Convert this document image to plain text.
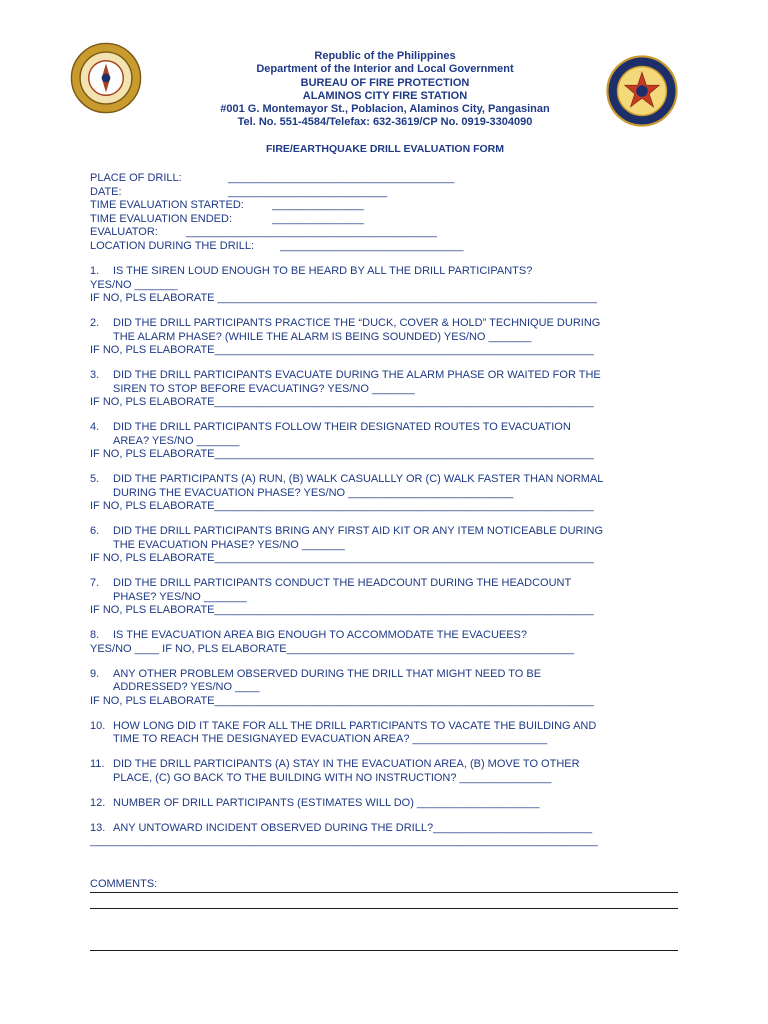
Republic of the Philippines
Department of the Interior and Local Government
BUREAU OF FIRE PROTECTION
ALAMINOS CITY FIRE STATION
#001 G. Montemayor St., Poblacion, Alaminos City, Pangasinan
Tel. No. 551-4584/Telefax: 632-3619/CP No. 0919-3304090
FIRE/EARTHQUAKE DRILL EVALUATION FORM
PLACE OF DRILL:	_____________________________________
DATE:	__________________________
TIME EVALUATION STARTED:	_______________
TIME EVALUATION ENDED:	_______________
EVALUATOR:	_________________________________________
LOCATION DURING THE DRILL: ______________________________
1. IS THE SIREN LOUD ENOUGH TO BE HEARD BY ALL THE DRILL PARTICIPANTS?
YES/NO _______
IF NO, PLS ELABORATE ______________________________________________________________
2. DID THE DRILL PARTICIPANTS PRACTICE THE “DUCK, COVER & HOLD” TECHNIQUE DURING
THE ALARM PHASE? (WHILE THE ALARM IS BEING SOUNDED) YES/NO _______
IF NO, PLS ELABORATE______________________________________________________________
3. DID THE DRILL PARTICIPANTS EVACUATE DURING THE ALARM PHASE OR WAITED FOR THE
SIREN TO STOP BEFORE EVACUATING? YES/NO _______
IF NO, PLS ELABORATE______________________________________________________________
4. DID THE DRILL PARTICIPANTS FOLLOW THEIR DESIGNATED ROUTES TO EVACUATION
AREA? YES/NO _______
IF NO, PLS ELABORATE______________________________________________________________
5. DID THE PARTICIPANTS (A) RUN, (B) WALK CASUALLLY OR (C) WALK FASTER THAN NORMAL
DURING THE EVACUATION PHASE? YES/NO ___________________________
IF NO, PLS ELABORATE______________________________________________________________
6. DID THE DRILL PARTICIPANTS BRING ANY FIRST AID KIT OR ANY ITEM NOTICEABLE DURING
THE EVACUATION PHASE? YES/NO _______
IF NO, PLS ELABORATE______________________________________________________________
7. DID THE DRILL PARTICIPANTS CONDUCT THE HEADCOUNT DURING THE HEADCOUNT
PHASE? YES/NO _______
IF NO, PLS ELABORATE______________________________________________________________
8. IS THE EVACUATION AREA BIG ENOUGH TO ACCOMMODATE THE EVACUEES?
YES/NO ____ IF NO, PLS ELABORATE_______________________________________________
9. ANY OTHER PROBLEM OBSERVED DURING THE DRILL THAT MIGHT NEED TO BE
ADDRESSED? YES/NO ____
IF NO, PLS ELABORATE______________________________________________________________
10. HOW LONG DID IT TAKE FOR ALL THE DRILL PARTICIPANTS TO VACATE THE BUILDING AND
TIME TO REACH THE DESIGNAYED EVACUATION AREA? ______________________
11. DID THE DRILL PARTICIPANTS (A) STAY IN THE EVACUATION AREA, (B) MOVE TO OTHER
PLACE, (C) GO BACK TO THE BUILDING WITH NO INSTRUCTION? _______________
12. NUMBER OF DRILL PARTICIPANTS (ESTIMATES WILL DO) ____________________
13. ANY UNTOWARD INCIDENT OBSERVED DURING THE DRILL?__________________________
___________________________________________________________________________________
COMMENTS:
